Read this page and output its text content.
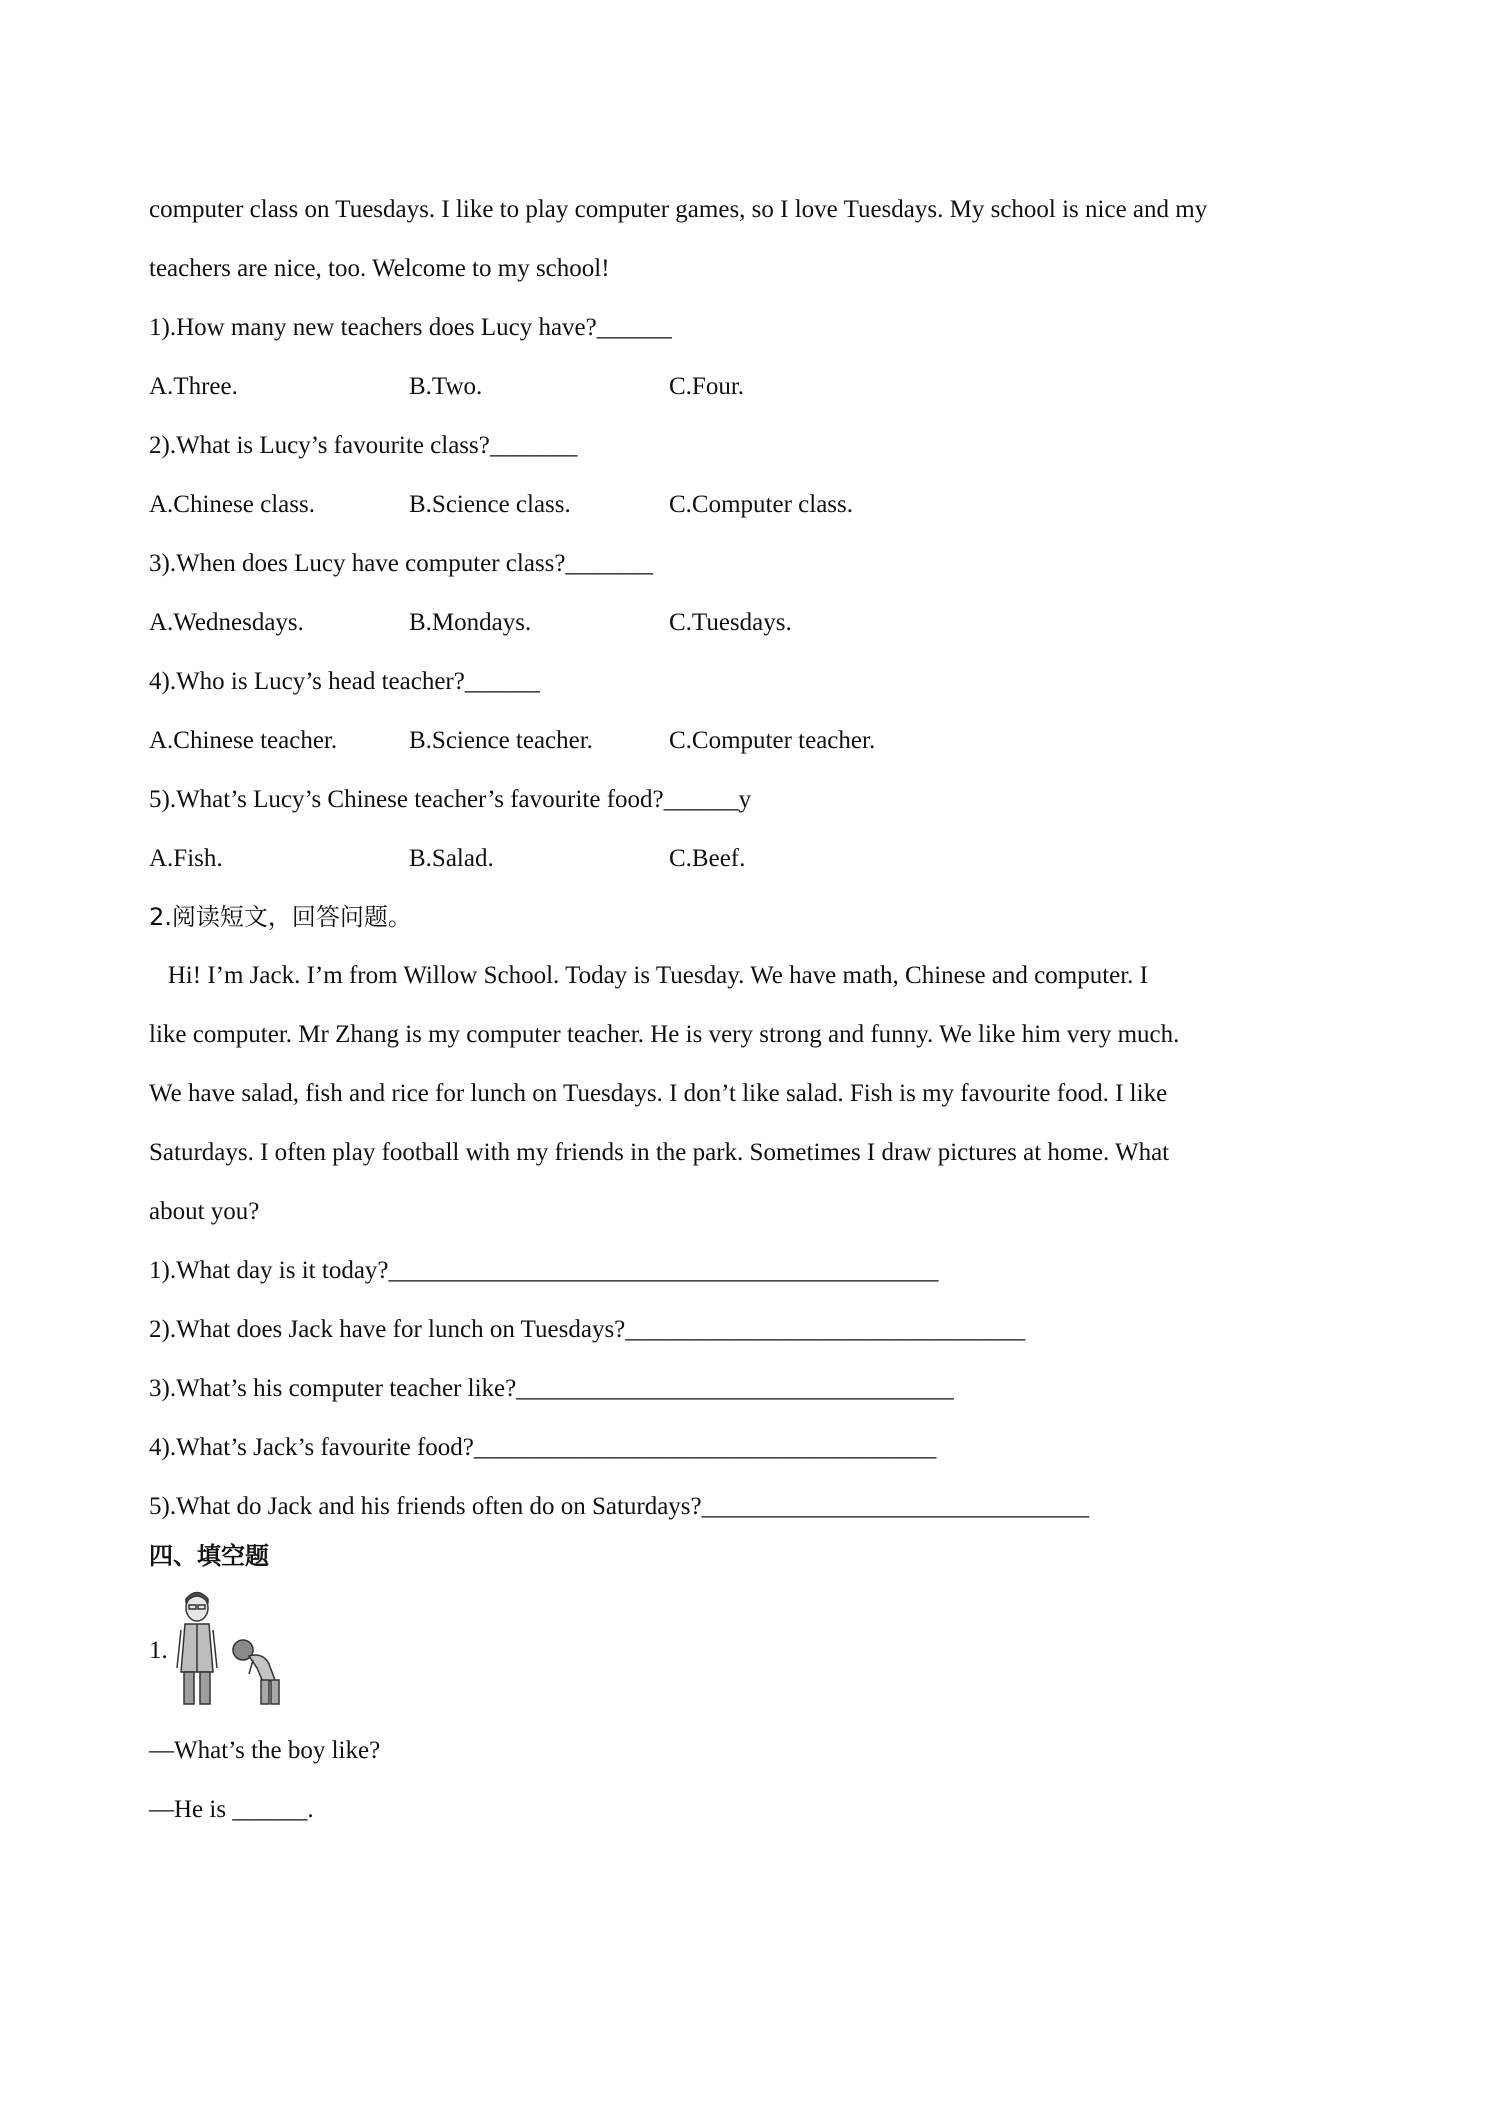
computer class on Tuesdays. I like to play computer games, so I love Tuesdays. My school is nice and my
teachers are nice, too. Welcome to my school!
1).How many new teachers does Lucy have?______
A.Three.	B.Two.	C.Four.
2).What is Lucy’s favourite class?_______
A.Chinese class.	B.Science class.	C.Computer class.
3).When does Lucy have computer class?_______
A.Wednesdays.	B.Mondays.	C.Tuesdays.
4).Who is Lucy’s head teacher?______
A.Chinese teacher.	B.Science teacher.	C.Computer teacher.
5).What’s Lucy’s Chinese teacher’s favourite food?______y
A.Fish.	B.Salad.	C.Beef.
2.阅读短文，回答问题。
Hi! I’m Jack. I’m from Willow School. Today is Tuesday. We have math, Chinese and computer. I
like computer. Mr Zhang is my computer teacher. He is very strong and funny. We like him very much.
We have salad, fish and rice for lunch on Tuesdays. I don’t like salad. Fish is my favourite food. I like
Saturdays. I often play football with my friends in the park. Sometimes I draw pictures at home. What
about you?
1).What day is it today?____________________________________________
2).What does Jack have for lunch on Tuesdays?________________________________
3).What’s his computer teacher like?___________________________________
4).What’s Jack’s favourite food?_____________________________________
5).What do Jack and his friends often do on Saturdays?_______________________________
四、填空题
1.
—What’s the boy like?
—He is ______.
